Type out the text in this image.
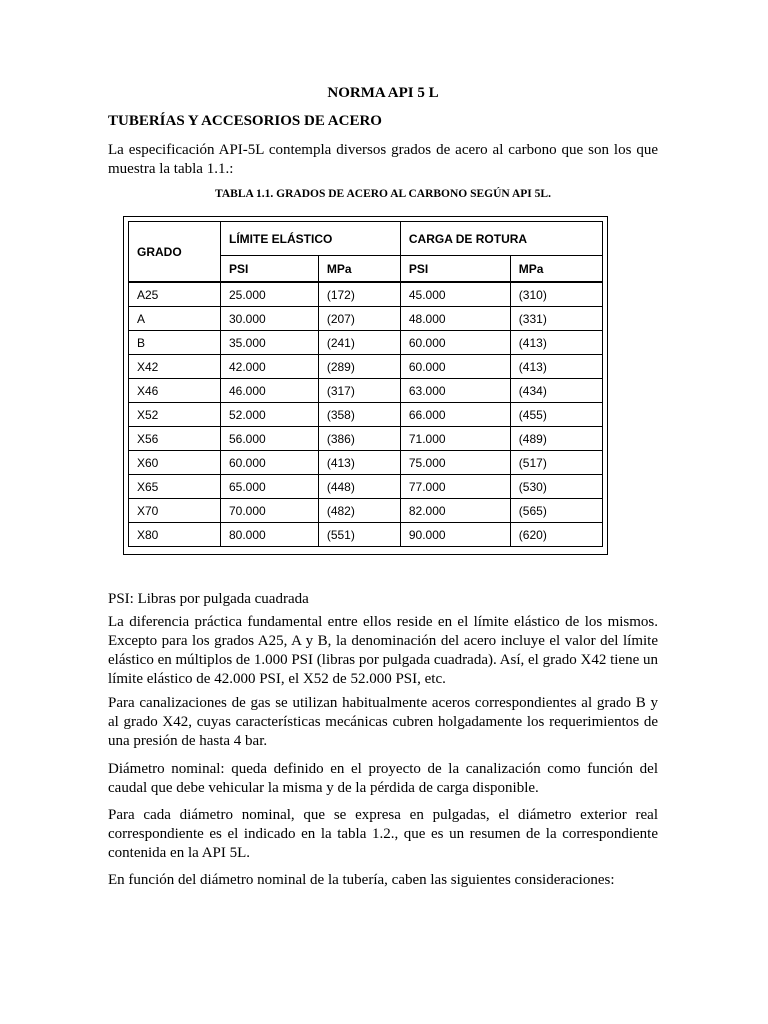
NORMA API 5 L
TUBERÍAS Y ACCESORIOS DE ACERO
La especificación API-5L contempla diversos grados de acero al carbono que son los que muestra la tabla 1.1.:
TABLA 1.1. GRADOS DE ACERO AL CARBONO SEGÚN API 5L.
PSI: Libras por pulgada cuadrada
La diferencia práctica fundamental entre ellos reside en el límite elástico de los mismos. Excepto para los grados A25, A y B, la denominación del acero incluye el valor del límite elástico en múltiplos de 1.000 PSI (libras por pulgada cuadrada). Así, el grado X42 tiene un límite elástico de 42.000 PSI, el X52 de 52.000 PSI, etc.
Para canalizaciones de gas se utilizan habitualmente aceros correspondientes al grado B y al grado X42, cuyas características mecánicas cubren holgadamente los requerimientos de una presión de hasta 4 bar.
Diámetro nominal: queda definido en el proyecto de la canalización como función del caudal que debe vehicular la misma y de la pérdida de carga disponible.
Para cada diámetro nominal, que se expresa en pulgadas, el diámetro exterior real correspondiente es el indicado en la tabla 1.2., que es un resumen de la correspondiente contenida en la API 5L.
En función del diámetro nominal de la tubería, caben las siguientes consideraciones:
GRADO	LÍMITE ELÁSTICO		CARGA DE ROTURA	
	PSI	MPa	PSI	MPa
A25	25.000	(172)	45.000	(310)
A	30.000	(207)	48.000	(331)
B	35.000	(241)	60.000	(413)
X42	42.000	(289)	60.000	(413)
X46	46.000	(317)	63.000	(434)
X52	52.000	(358)	66.000	(455)
X56	56.000	(386)	71.000	(489)
X60	60.000	(413)	75.000	(517)
X65	65.000	(448)	77.000	(530)
X70	70.000	(482)	82.000	(565)
X80	80.000	(551)	90.000	(620)
